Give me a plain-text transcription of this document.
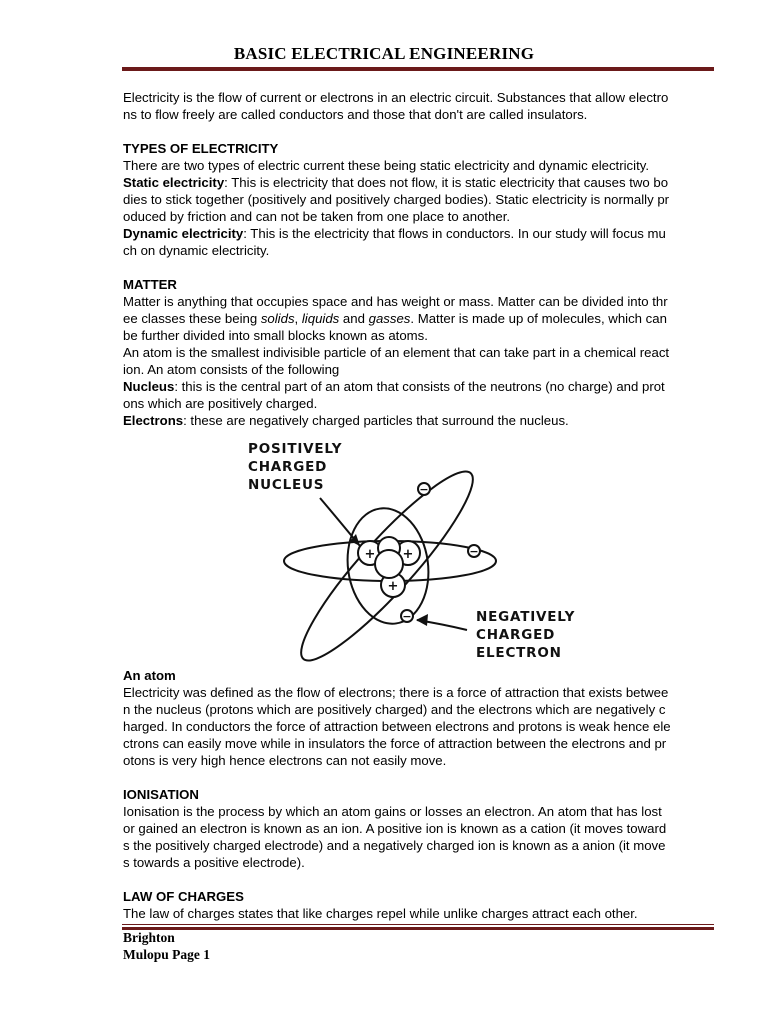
BASIC ELECTRICAL ENGINEERING

Electricity is the flow of current or electrons in an electric circuit. Substances that allow electro
ns to flow freely are called conductors and those that don't are called insulators.

TYPES OF ELECTRICITY

There are two types of electric current these being static electricity and dynamic electricity.

Static electricity: This is electricity that does not flow, it is static electricity that causes two bo
dies to stick together (positively and positively charged bodies). Static electricity is normally pr
oduced by friction and can not be taken from one place to another.

Dynamic electricity: This is the electricity that flows in conductors. In our study will focus mu
ch on dynamic electricity.

MATTER

Matter is anything that occupies space and has weight or mass. Matter can be divided into thr
ee classes these being solids, liquids and gasses. Matter is made up of molecules, which can
be further divided into small blocks known as atoms.

An atom is the smallest indivisible particle of an element that can take part in a chemical react
ion. An atom consists of the following

Nucleus: this is the central part of an atom that consists of the neutrons (no charge) and prot
ons which are positively charged.

Electrons: these are negatively charged particles that surround the nucleus.

+ +
+
−
−
−
POSITIVELY
CHARGED
NUCLEUS
NEGATIVELY
CHARGED
ELECTRON

An atom

Electricity was defined as the flow of electrons; there is a force of attraction that exists betwee
n the nucleus (protons which are positively charged) and the electrons which are negatively c
harged. In conductors the force of attraction between electrons and protons is weak hence ele
ctrons can easily move while in insulators the force of attraction between the electrons and pr
otons is very high hence electrons can not easily move.

IONISATION

Ionisation is the process by which an atom gains or losses an electron. An atom that has lost
or gained an electron is known as an ion. A positive ion is known as a cation (it moves toward
s the positively charged electrode) and a negatively charged ion is known as a anion (it move
s towards a positive electrode).

LAW OF CHARGES

The law of charges states that like charges repel while unlike charges attract each other.

Brighton
Mulopu Page 1
